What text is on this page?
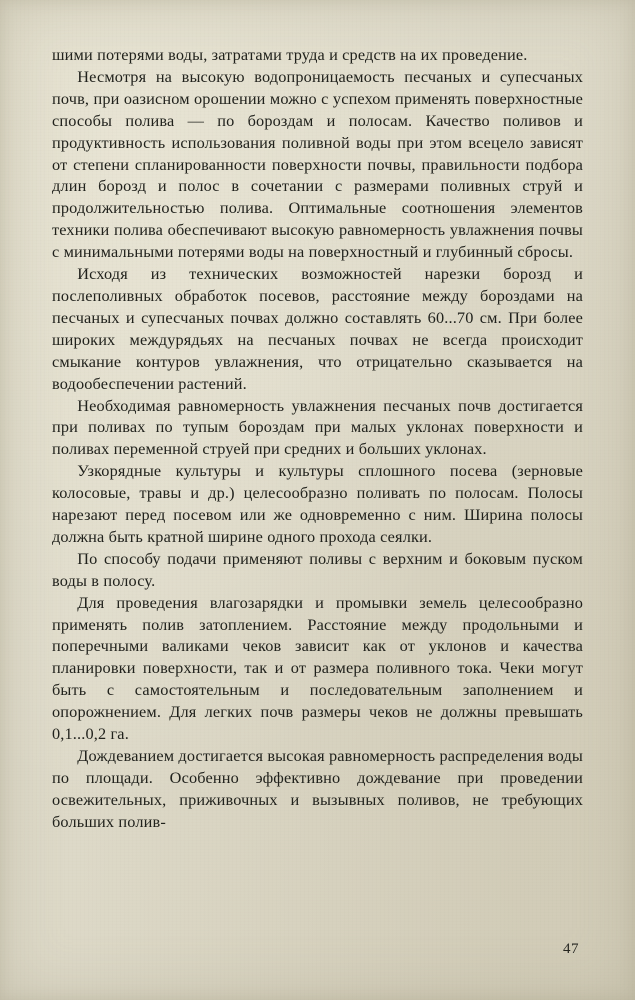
шими потерями воды, затратами труда и средств на их проведение.

Несмотря на высокую водопроницаемость песчаных и супесчаных почв, при оазисном орошении можно с успехом применять поверхностные способы полива — по бороздам и полосам. Качество поливов и продуктивность использования поливной воды при этом всецело зависят от степени спланированности поверхности почвы, правильности подбора длин борозд и полос в сочетании с размерами поливных струй и продолжительностью полива. Оптимальные соотношения элементов техники полива обеспечивают высокую равномерность увлажнения почвы с минимальными потерями воды на поверхностный и глубинный сбросы.

Исходя из технических возможностей нарезки борозд и послеполивных обработок посевов, расстояние между бороздами на песчаных и супесчаных почвах должно составлять 60...70 см. При более широких междурядьях на песчаных почвах не всегда происходит смыкание контуров увлажнения, что отрицательно сказывается на водообеспечении растений.

Необходимая равномерность увлажнения песчаных почв достигается при поливах по тупым бороздам при малых уклонах поверхности и поливах переменной струей при средних и больших уклонах.

Узкорядные культуры и культуры сплошного посева (зерновые колосовые, травы и др.) целесообразно поливать по полосам. Полосы нарезают перед посевом или же одновременно с ним. Ширина полосы должна быть кратной ширине одного прохода сеялки.

По способу подачи применяют поливы с верхним и боковым пуском воды в полосу.

Для проведения влагозарядки и промывки земель целесообразно применять полив затоплением. Расстояние между продольными и поперечными валиками чеков зависит как от уклонов и качества планировки поверхности, так и от размера поливного тока. Чеки могут быть с самостоятельным и последовательным заполнением и опорожнением. Для легких почв размеры чеков не должны превышать 0,1...0,2 га.

Дождеванием достигается высокая равномерность распределения воды по площади. Особенно эффективно дождевание при проведении освежительных, приживочных и вызывных поливов, не требующих больших полив-

47
